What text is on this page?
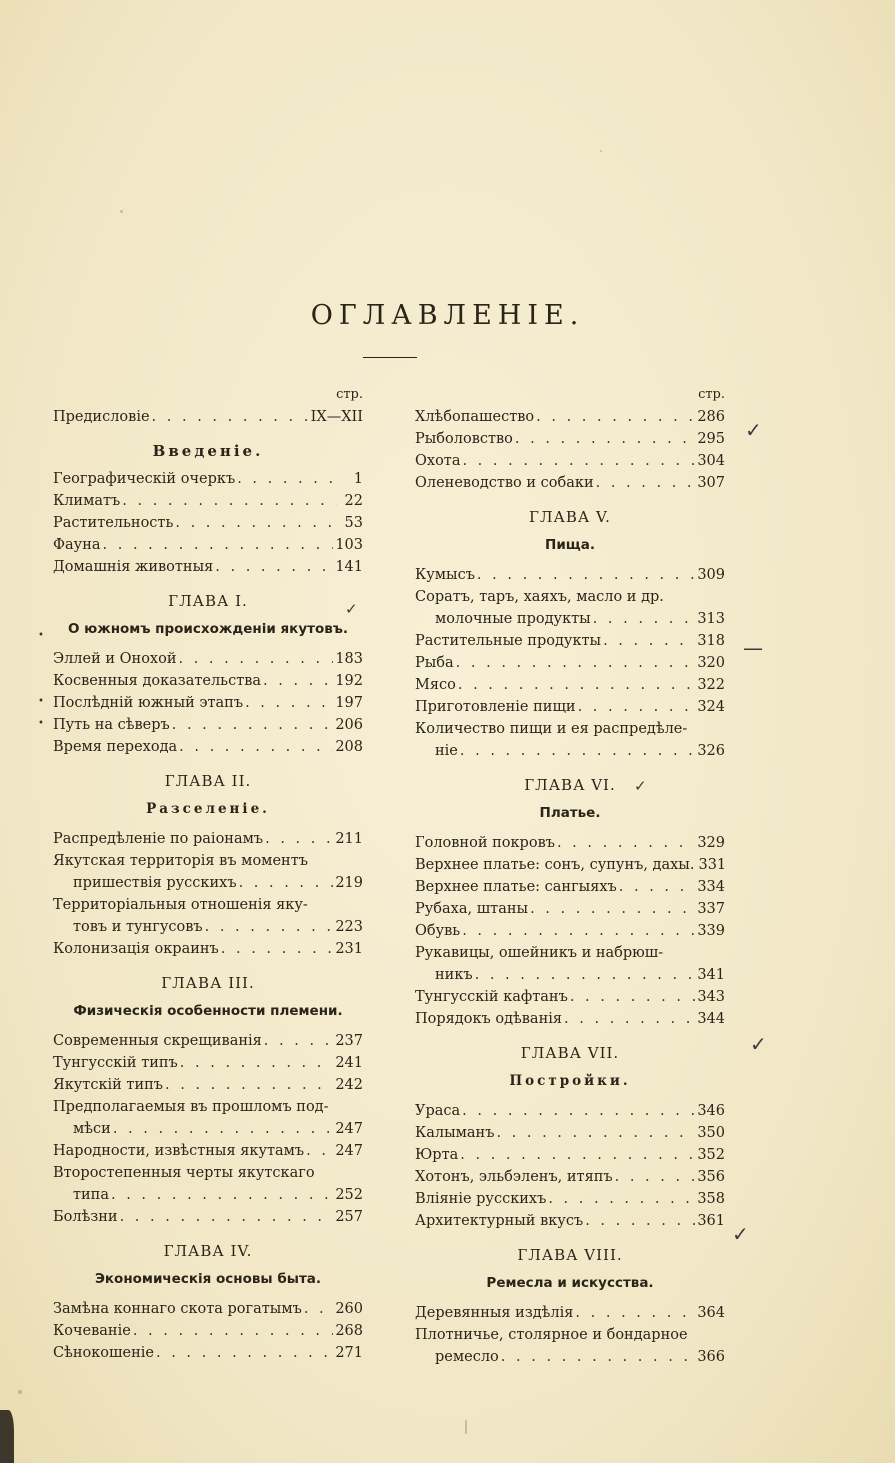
ОГЛАВЛЕНІЕ.
стр.
Предисловіе . . .	IX—XII
Введеніе.
Географическій очеркъ . . .	1
Климатъ . . .	22
Растительность . . .	53
Фауна . . .	103
Домашнія животныя . . .	141
ГЛАВА I.
О южномъ происхожденіи якутовъ.
Эллей и Онохой . . .	183
Косвенныя доказательства . . .	192
Послѣдній южный этапъ . . .	197
Путь на сѣверъ . . .	206
Время перехода . . .	208
ГЛАВА II.
Разселеніе.
Распредѣленіе по раіонамъ . . .	211
Якутская территорія въ моментъ
пришествія русскихъ . . .	219
Территоріальныя отношенія яку-
товъ и тунгусовъ . . .	223
Колонизація окраинъ . . .	231
ГЛАВА III.
Физическія особенности племени.
Современныя скрещиванія . . .	237
Тунгусскій типъ . . .	241
Якутскій типъ . . .	242
Предполагаемыя въ прошломъ под-
мѣси . . .	247
Народности, извѣстныя якутамъ . . . 247
Второстепенныя черты якутскаго
типа . . .	252
Болѣзни . . .	257
ГЛАВА IV.
Экономическія основы быта.
Замѣна коннаго скота рогатымъ . . . 260
Кочеваніе . . .	268
Сѣнокошеніе . . .	271
стр.
Хлѣбопашество . . .	286
Рыболовство . . .	295
Охота . . .	304
Оленеводство и собаки . . .	307
ГЛАВА V.
Пища.
Кумысъ . . .	309
Соратъ, таръ, хаяхъ, масло и др.
молочные продукты . . .	313
Растительные продукты . . .	318
Рыба . . .	320
Мясо . . .	322
Приготовленіе пищи . . .	324
Количество пищи и ея распредѣле-
ніе . . .	326
ГЛАВА VI.
Платье.
Головной покровъ . . .	329
Верхнее платье: сонъ, супунъ, дахы. 331
Верхнее платье: сангыяхъ . . .	334
Рубаха, штаны . . .	337
Обувь . . .	339
Рукавицы, ошейникъ и набрюш-
никъ . . .	341
Тунгусскій кафтанъ . . .	343
Порядокъ одѣванія . . .	344
ГЛАВА VII.
Постройки.
Ураса . . .	346
Калыманъ . . .	350
Юрта . . .	352
Хотонъ, эльбэленъ, итяпъ . . .	356
Вліяніе русскихъ . . .	358
Архитектурный вкусъ . . .	361
ГЛАВА VIII.
Ремесла и искусства.
Деревянныя издѣлія . . .	364
Плотничье, столярное и бондарное
ремесло . . .	366
✓
—
✓
✓
✓
✓
•
•
•
